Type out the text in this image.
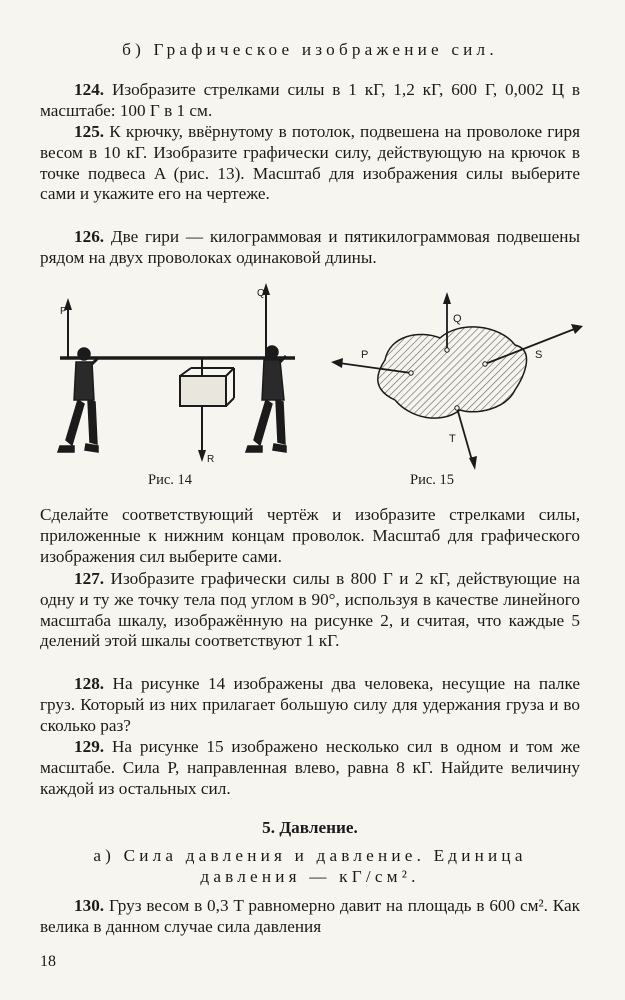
б) Графическое изображение сил.

124. Изобразите стрелками силы в 1 кГ, 1,2 кГ, 600 Г, 0,002 Ц в масштабе: 100 Г в 1 см.

125. К крючку, ввёрнутому в потолок, подвешена на проволоке гиря весом в 10 кГ. Изобразите графически силу, действующую на крючок в точке подвеса A (рис. 13). Масштаб для изображения силы выберите сами и укажите его на чертеже.

126. Две гири — килограммовая и пятикилограммовая подвешены рядом на двух проволоках одинаковой длины.

P
Q
R
P
Q
S
T
Рис. 14	Рис. 15

Сделайте соответствующий чертёж и изобразите стрелками силы, приложенные к нижним концам проволок. Масштаб для графического изображения сил выберите сами.

127. Изобразите графически силы в 800 Г и 2 кГ, действующие на одну и ту же точку тела под углом в 90°, используя в качестве линейного масштаба шкалу, изображённую на рисунке 2, и считая, что каждые 5 делений этой шкалы соответствуют 1 кГ.

128. На рисунке 14 изображены два человека, несущие на палке груз. Который из них прилагает большую силу для удержания груза и во сколько раз?

129. На рисунке 15 изображено несколько сил в одном и том же масштабе. Сила P, направленная влево, равна 8 кГ. Найдите величину каждой из остальных сил.

5. Давление.
а) Сила давления и давление. Единица
давления — кГ/см².

130. Груз весом в 0,3 T равномерно давит на площадь в 600 см². Как велика в данном случае сила давления

18
